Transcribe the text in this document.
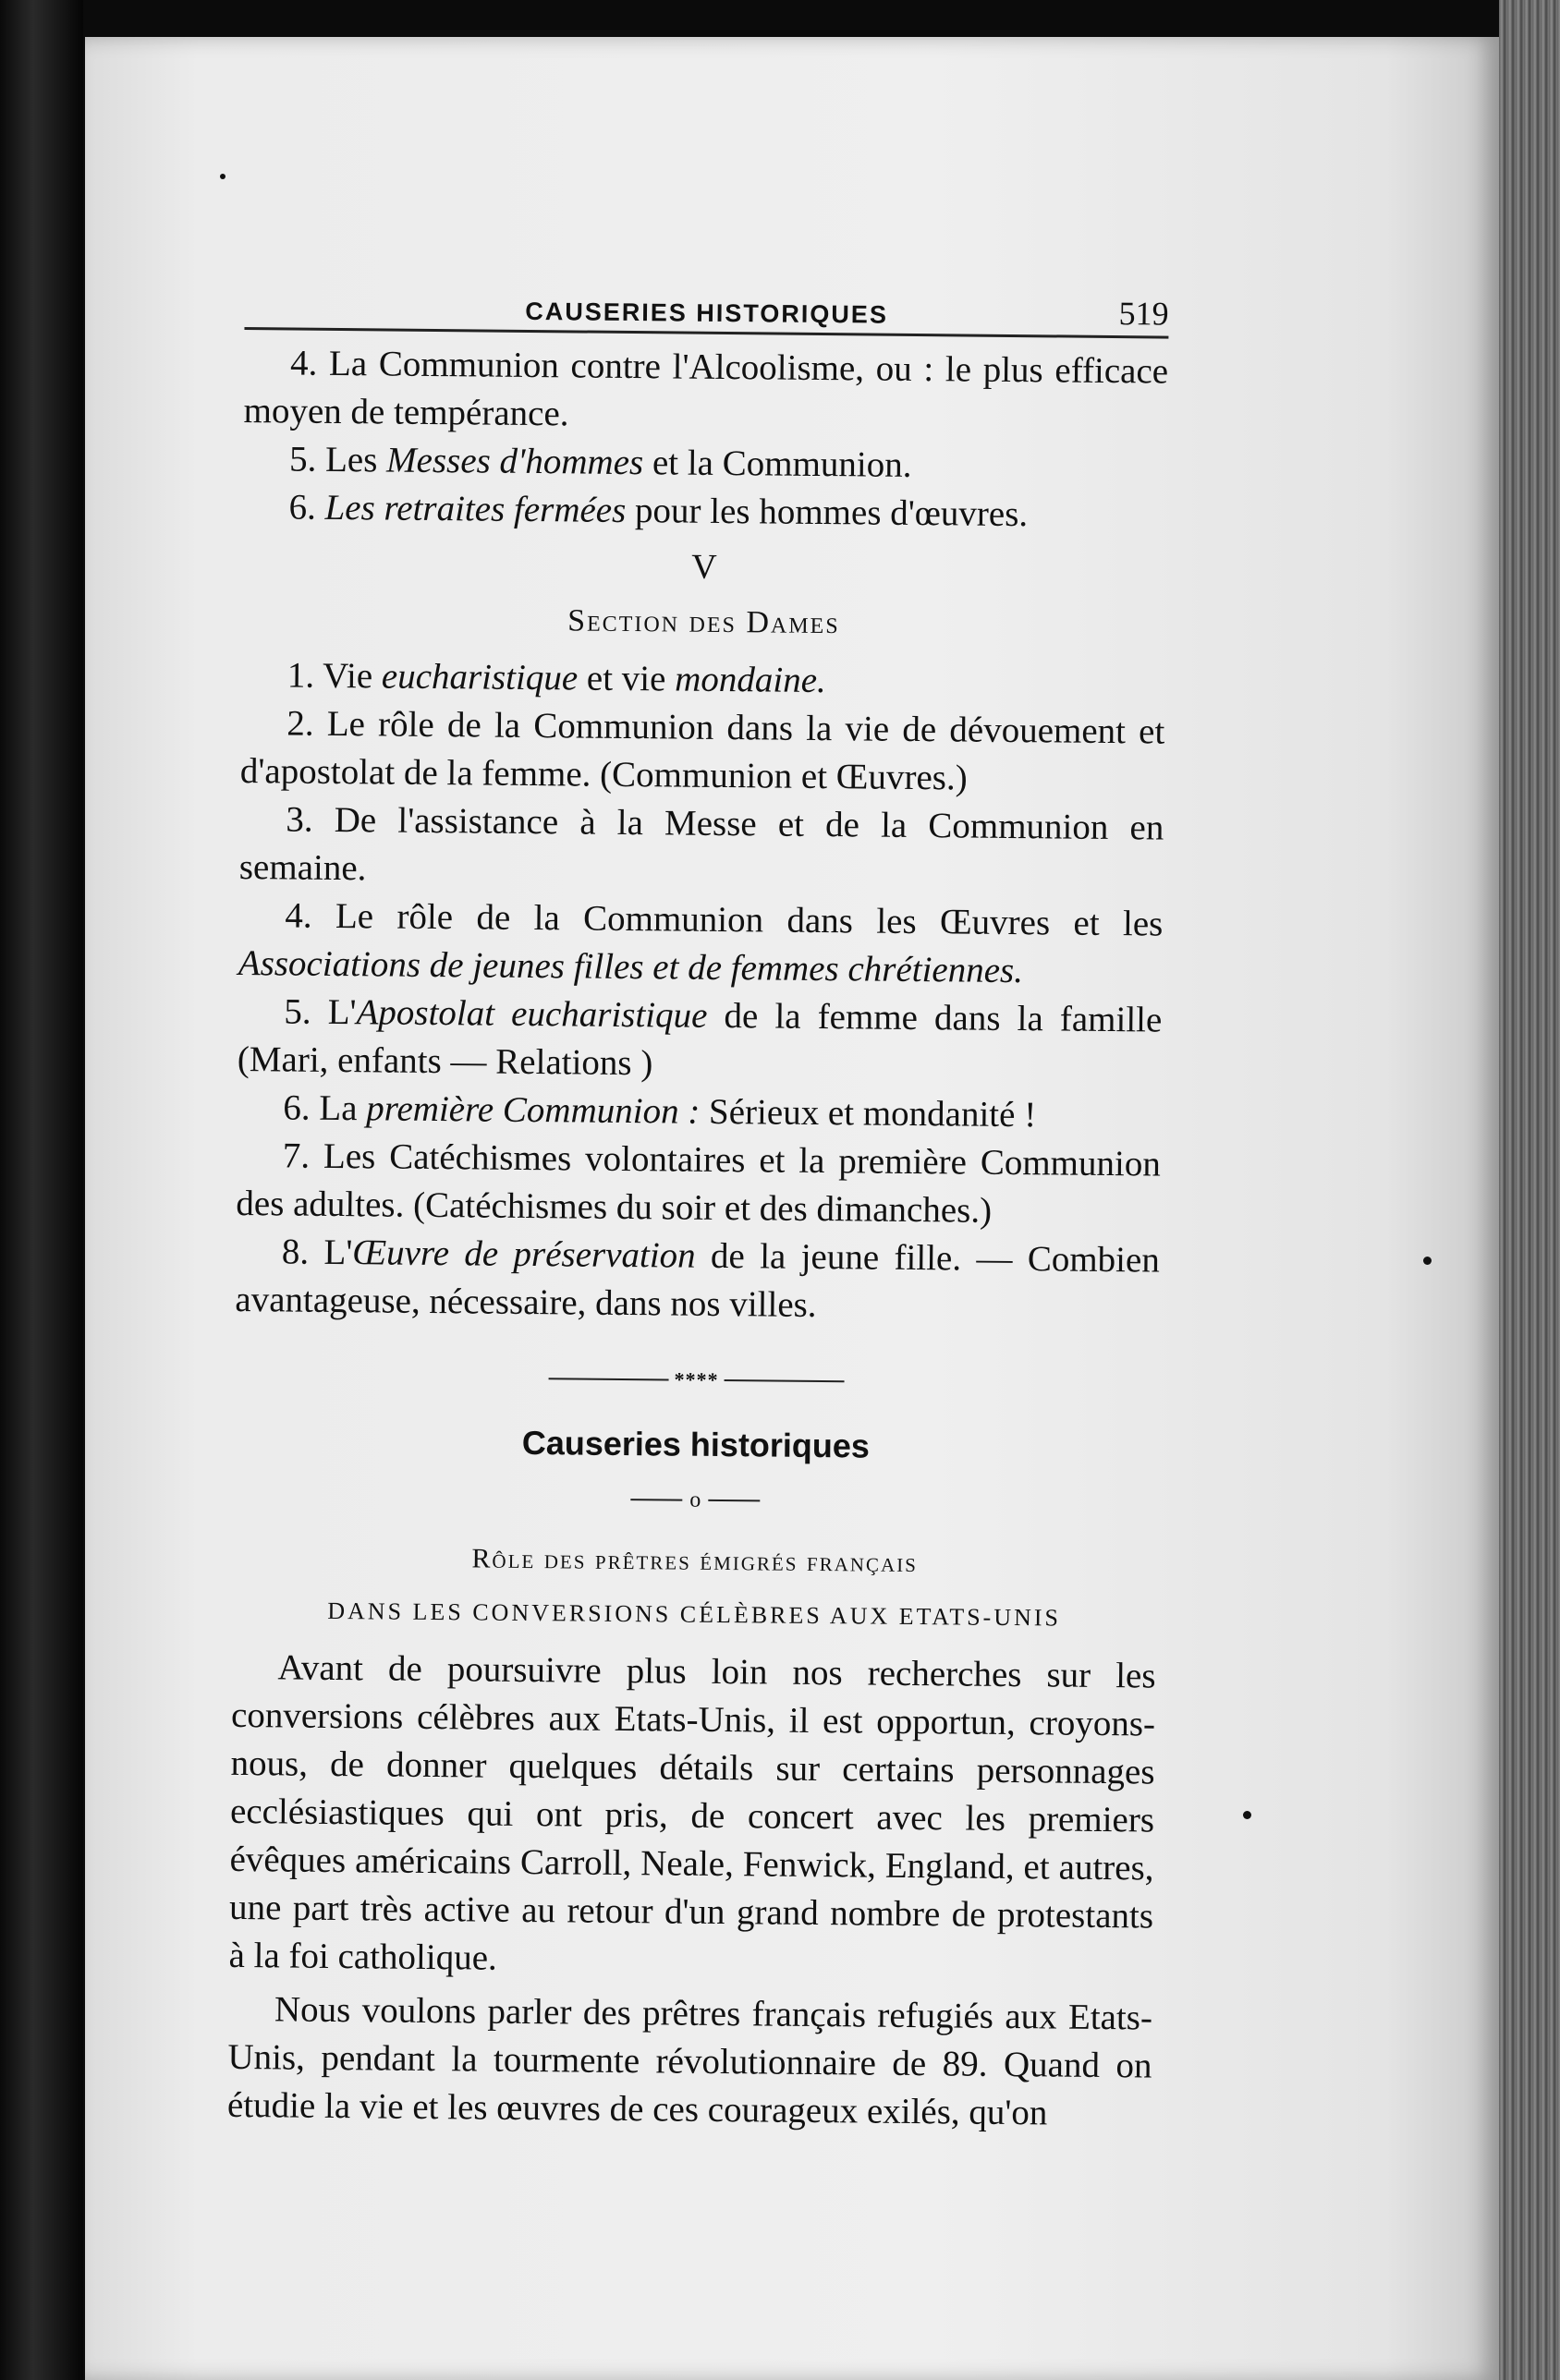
CAUSERIES HISTORIQUES	519

4. La Communion contre l'Alcoolisme, ou : le plus efficace moyen de tempérance.

5. Les Messes d'hommes et la Communion.

6. Les retraites fermées pour les hommes d'œuvres.

V
Section des Dames

1. Vie eucharistique et vie mondaine.

2. Le rôle de la Communion dans la vie de dévouement et d'apostolat de la femme. (Communion et Œuvres.)

3. De l'assistance à la Messe et de la Communion en semaine.

4. Le rôle de la Communion dans les Œuvres et les Associations de jeunes filles et de femmes chrétiennes.

5. L'Apostolat eucharistique de la femme dans la famille (Mari, enfants — Relations )

6. La première Communion : Sérieux et mondanité !

7. Les Catéchismes volontaires et la première Communion des adultes. (Catéchismes du soir et des dimanches.)

8. L'Œuvre de préservation de la jeune fille. — Combien avantageuse, nécessaire, dans nos villes.

****
Causeries historiques
o
Rôle des prêtres émigrés français
DANS LES CONVERSIONS CÉLÈBRES AUX ETATS-UNIS

Avant de poursuivre plus loin nos recherches sur les conversions célèbres aux Etats-Unis, il est opportun, croyons-nous, de donner quelques détails sur certains personnages ecclésiastiques qui ont pris, de concert avec les premiers évêques américains Carroll, Neale, Fenwick, England, et autres, une part très active au retour d'un grand nombre de protestants à la foi catholique.

Nous voulons parler des prêtres français refugiés aux Etats-Unis, pendant la tourmente révolutionnaire de 89. Quand on étudie la vie et les œuvres de ces courageux exilés, qu'on
